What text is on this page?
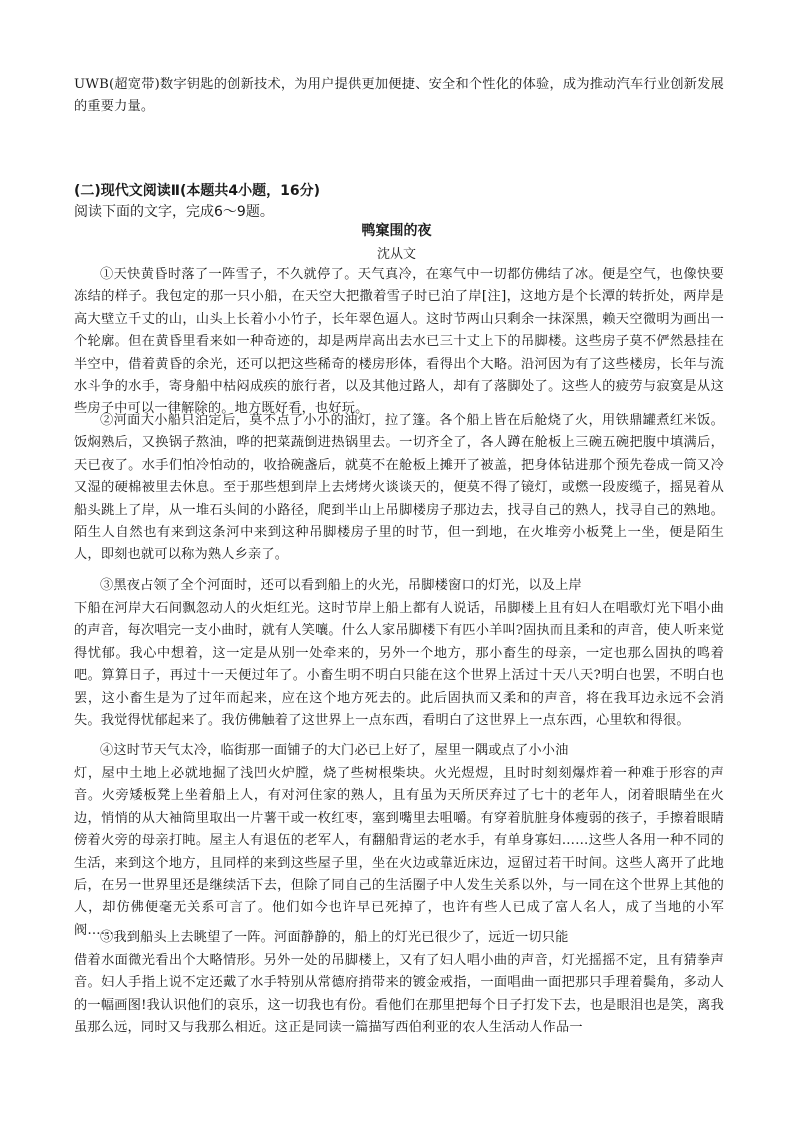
UWB(超宽带)数字钥匙的创新技术，为用户提供更加便捷、安全和个性化的体验，成为推动汽车行业创新发展的重要力量。

(二)现代文阅读Ⅱ(本题共4小题，16分)

阅读下面的文字，完成6～9题。

鸭窠围的夜

沈从文

①天快黄昏时落了一阵雪子，不久就停了。天气真冷，在寒气中一切都仿佛结了冰。便是空气，也像快要冻结的样子。我包定的那一只小船，在天空大把撒着雪子时已泊了岸[注]，这地方是个长潭的转折处，两岸是高大壁立千丈的山，山头上长着小小竹子，长年翠色逼人。这时节两山只剩余一抹深黑，赖天空微明为画出一个轮廓。但在黄昏里看来如一种奇迹的，却是两岸高出去水已三十丈上下的吊脚楼。这些房子莫不俨然悬挂在半空中，借着黄昏的余光，还可以把这些稀奇的楼房形体，看得出个大略。沿河因为有了这些楼房，长年与流水斗争的水手，寄身船中枯闷成疾的旅行者，以及其他过路人，却有了落脚处了。这些人的疲劳与寂寞是从这些房子中可以一律解除的。地方既好看，也好玩。

②河面大小船只泊定后，莫不点了小小的油灯，拉了篷。各个船上皆在后舱烧了火，用铁鼎罐煮红米饭。饭焖熟后，又换锅子熬油，哗的把菜蔬倒进热锅里去。一切齐全了，各人蹲在舱板上三碗五碗把腹中填满后，天已夜了。水手们怕冷怕动的，收拾碗盏后，就莫不在舱板上摊开了被盖，把身体钻进那个预先卷成一筒又冷又湿的硬棉被里去休息。至于那些想到岸上去烤烤火谈谈天的，便莫不得了镜灯，或燃一段废缆子，摇晃着从船头跳上了岸，从一堆石头间的小路径，爬到半山上吊脚楼房子那边去，找寻自己的熟人，找寻自己的熟地。陌生人自然也有来到这条河中来到这种吊脚楼房子里的时节，但一到地，在火堆旁小板凳上一坐，便是陌生人，即刻也就可以称为熟人乡亲了。

③黑夜占领了全个河面时，还可以看到船上的火光，吊脚楼窗口的灯光，以及上岸

下船在河岸大石间飘忽动人的火炬红光。这时节岸上船上都有人说话，吊脚楼上且有妇人在唱歌灯光下唱小曲的声音，每次唱完一支小曲时，就有人笑嚷。什么人家吊脚楼下有匹小羊叫?固执而且柔和的声音，使人听来觉得忧郁。我心中想着，这一定是从别一处牵来的，另外一个地方，那小畜生的母亲，一定也那么固执的鸣着吧。算算日子，再过十一天便过年了。小畜生明不明白只能在这个世界上活过十天八天?明白也罢，不明白也罢，这小畜生是为了过年而起来，应在这个地方死去的。此后固执而又柔和的声音，将在我耳边永远不会消失。我觉得忧郁起来了。我仿佛触着了这世界上一点东西，看明白了这世界上一点东西，心里软和得很。

④这时节天气太冷，临街那一面铺子的大门必已上好了，屋里一隅或点了小小油

灯，屋中土地上必就地掘了浅凹火炉膛，烧了些树根柴块。火光煜煜，且时时刻刻爆炸着一种难于形容的声音。火旁矮板凳上坐着船上人，有对河住家的熟人，且有虽为天所厌弃过了七十的老年人，闭着眼睛坐在火边，悄悄的从大袖筒里取出一片薯干或一枚红枣，塞到嘴里去咀嚼。有穿着肮脏身体瘦弱的孩子，手擦着眼睛傍着火旁的母亲打盹。屋主人有退伍的老军人，有翻船背运的老水手，有单身寡妇……这些人各用一种不同的生活，来到这个地方，且同样的来到这些屋子里，坐在火边或靠近床边，逗留过若干时间。这些人离开了此地后，在另一世界里还是继续活下去，但除了同自己的生活圈子中人发生关系以外，与一同在这个世界上其他的人，却仿佛便毫无关系可言了。他们如今也许早已死掉了，也许有些人已成了富人名人，成了当地的小军阀……

⑤我到船头上去眺望了一阵。河面静静的，船上的灯光已很少了，远近一切只能

借着水面微光看出个大略情形。另外一处的吊脚楼上，又有了妇人唱小曲的声音，灯光摇摇不定，且有猜拳声音。妇人手指上说不定还戴了水手特别从常德府捎带来的镀金戒指，一面唱曲一面把那只手理着鬓角，多动人的一幅画图!我认识他们的哀乐，这一切我也有份。看他们在那里把每个日子打发下去，也是眼泪也是笑，离我虽那么远，同时又与我那么相近。这正是同读一篇描写西伯利亚的农人生活动人作品一
